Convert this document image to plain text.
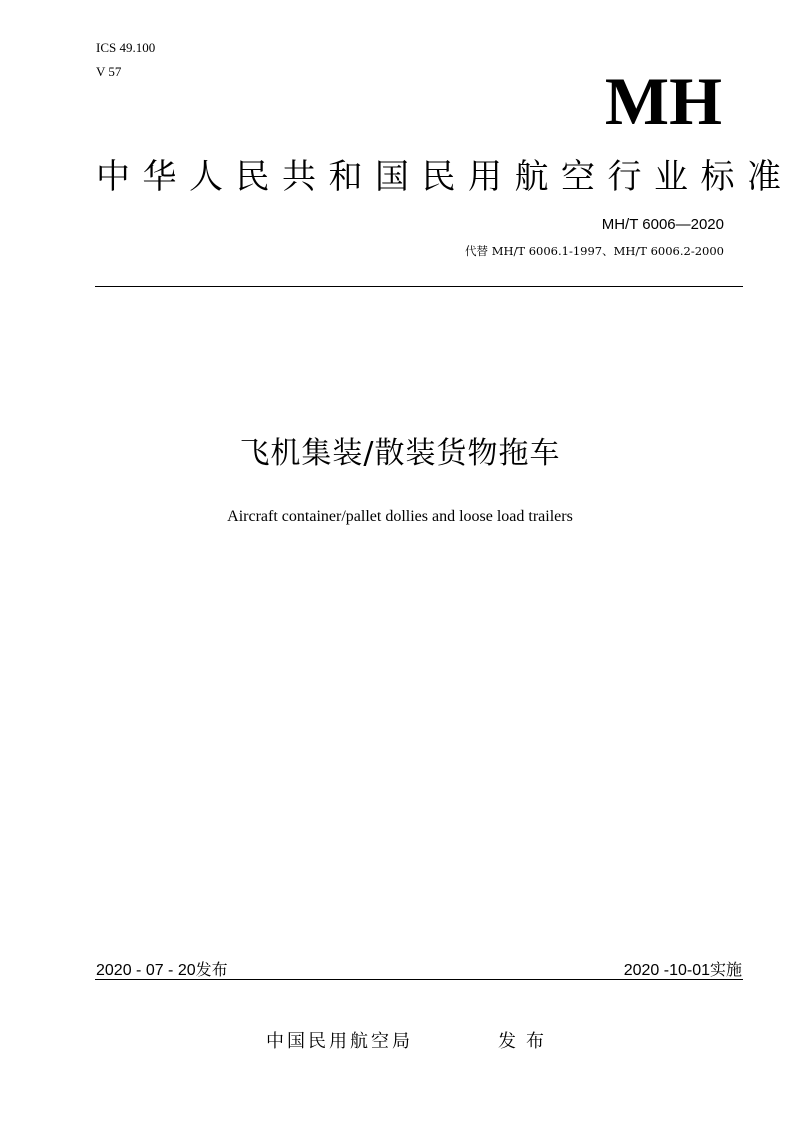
ICS 49.100
V 57	MH
中华人民共和国民用航空行业标准
MH/T 6006—2020
代替 MH/T 6006.1-1997、MH/T 6006.2-2000
飞机集装/散装货物拖车
Aircraft container/pallet dollies and loose load trailers
2020 - 07 - 20发布	2020 -10-01实施
中国民用航空局	发布
